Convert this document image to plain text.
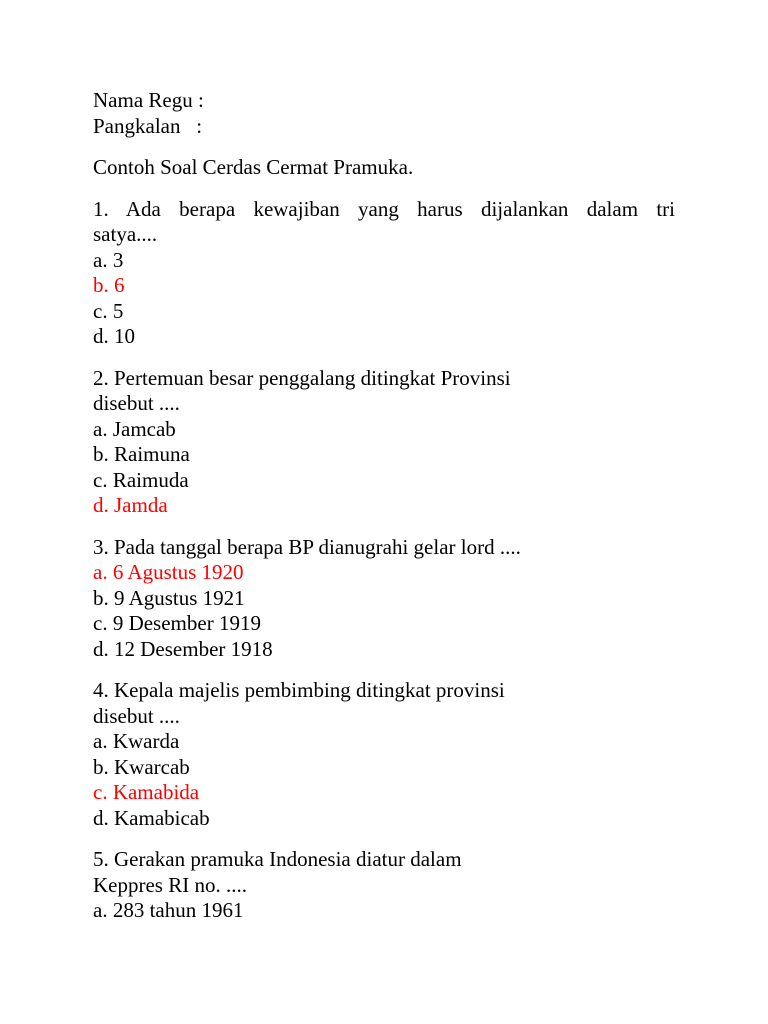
Nama Regu :
Pangkalan   :
Contoh Soal Cerdas Cermat Pramuka.
1. Ada berapa kewajiban yang harus dijalankan dalam tri
satya....
a. 3
b. 6
c. 5
d. 10
2. Pertemuan besar penggalang ditingkat Provinsi
disebut ....
a. Jamcab
b. Raimuna
c. Raimuda
d. Jamda
3. Pada tanggal berapa BP dianugrahi gelar lord ....
a. 6 Agustus 1920
b. 9 Agustus 1921
c. 9 Desember 1919
d. 12 Desember 1918
4. Kepala majelis pembimbing ditingkat provinsi
disebut ....
a. Kwarda
b. Kwarcab
c. Kamabida
d. Kamabicab
5. Gerakan pramuka Indonesia diatur dalam
Keppres RI no. ....
a. 283 tahun 1961
